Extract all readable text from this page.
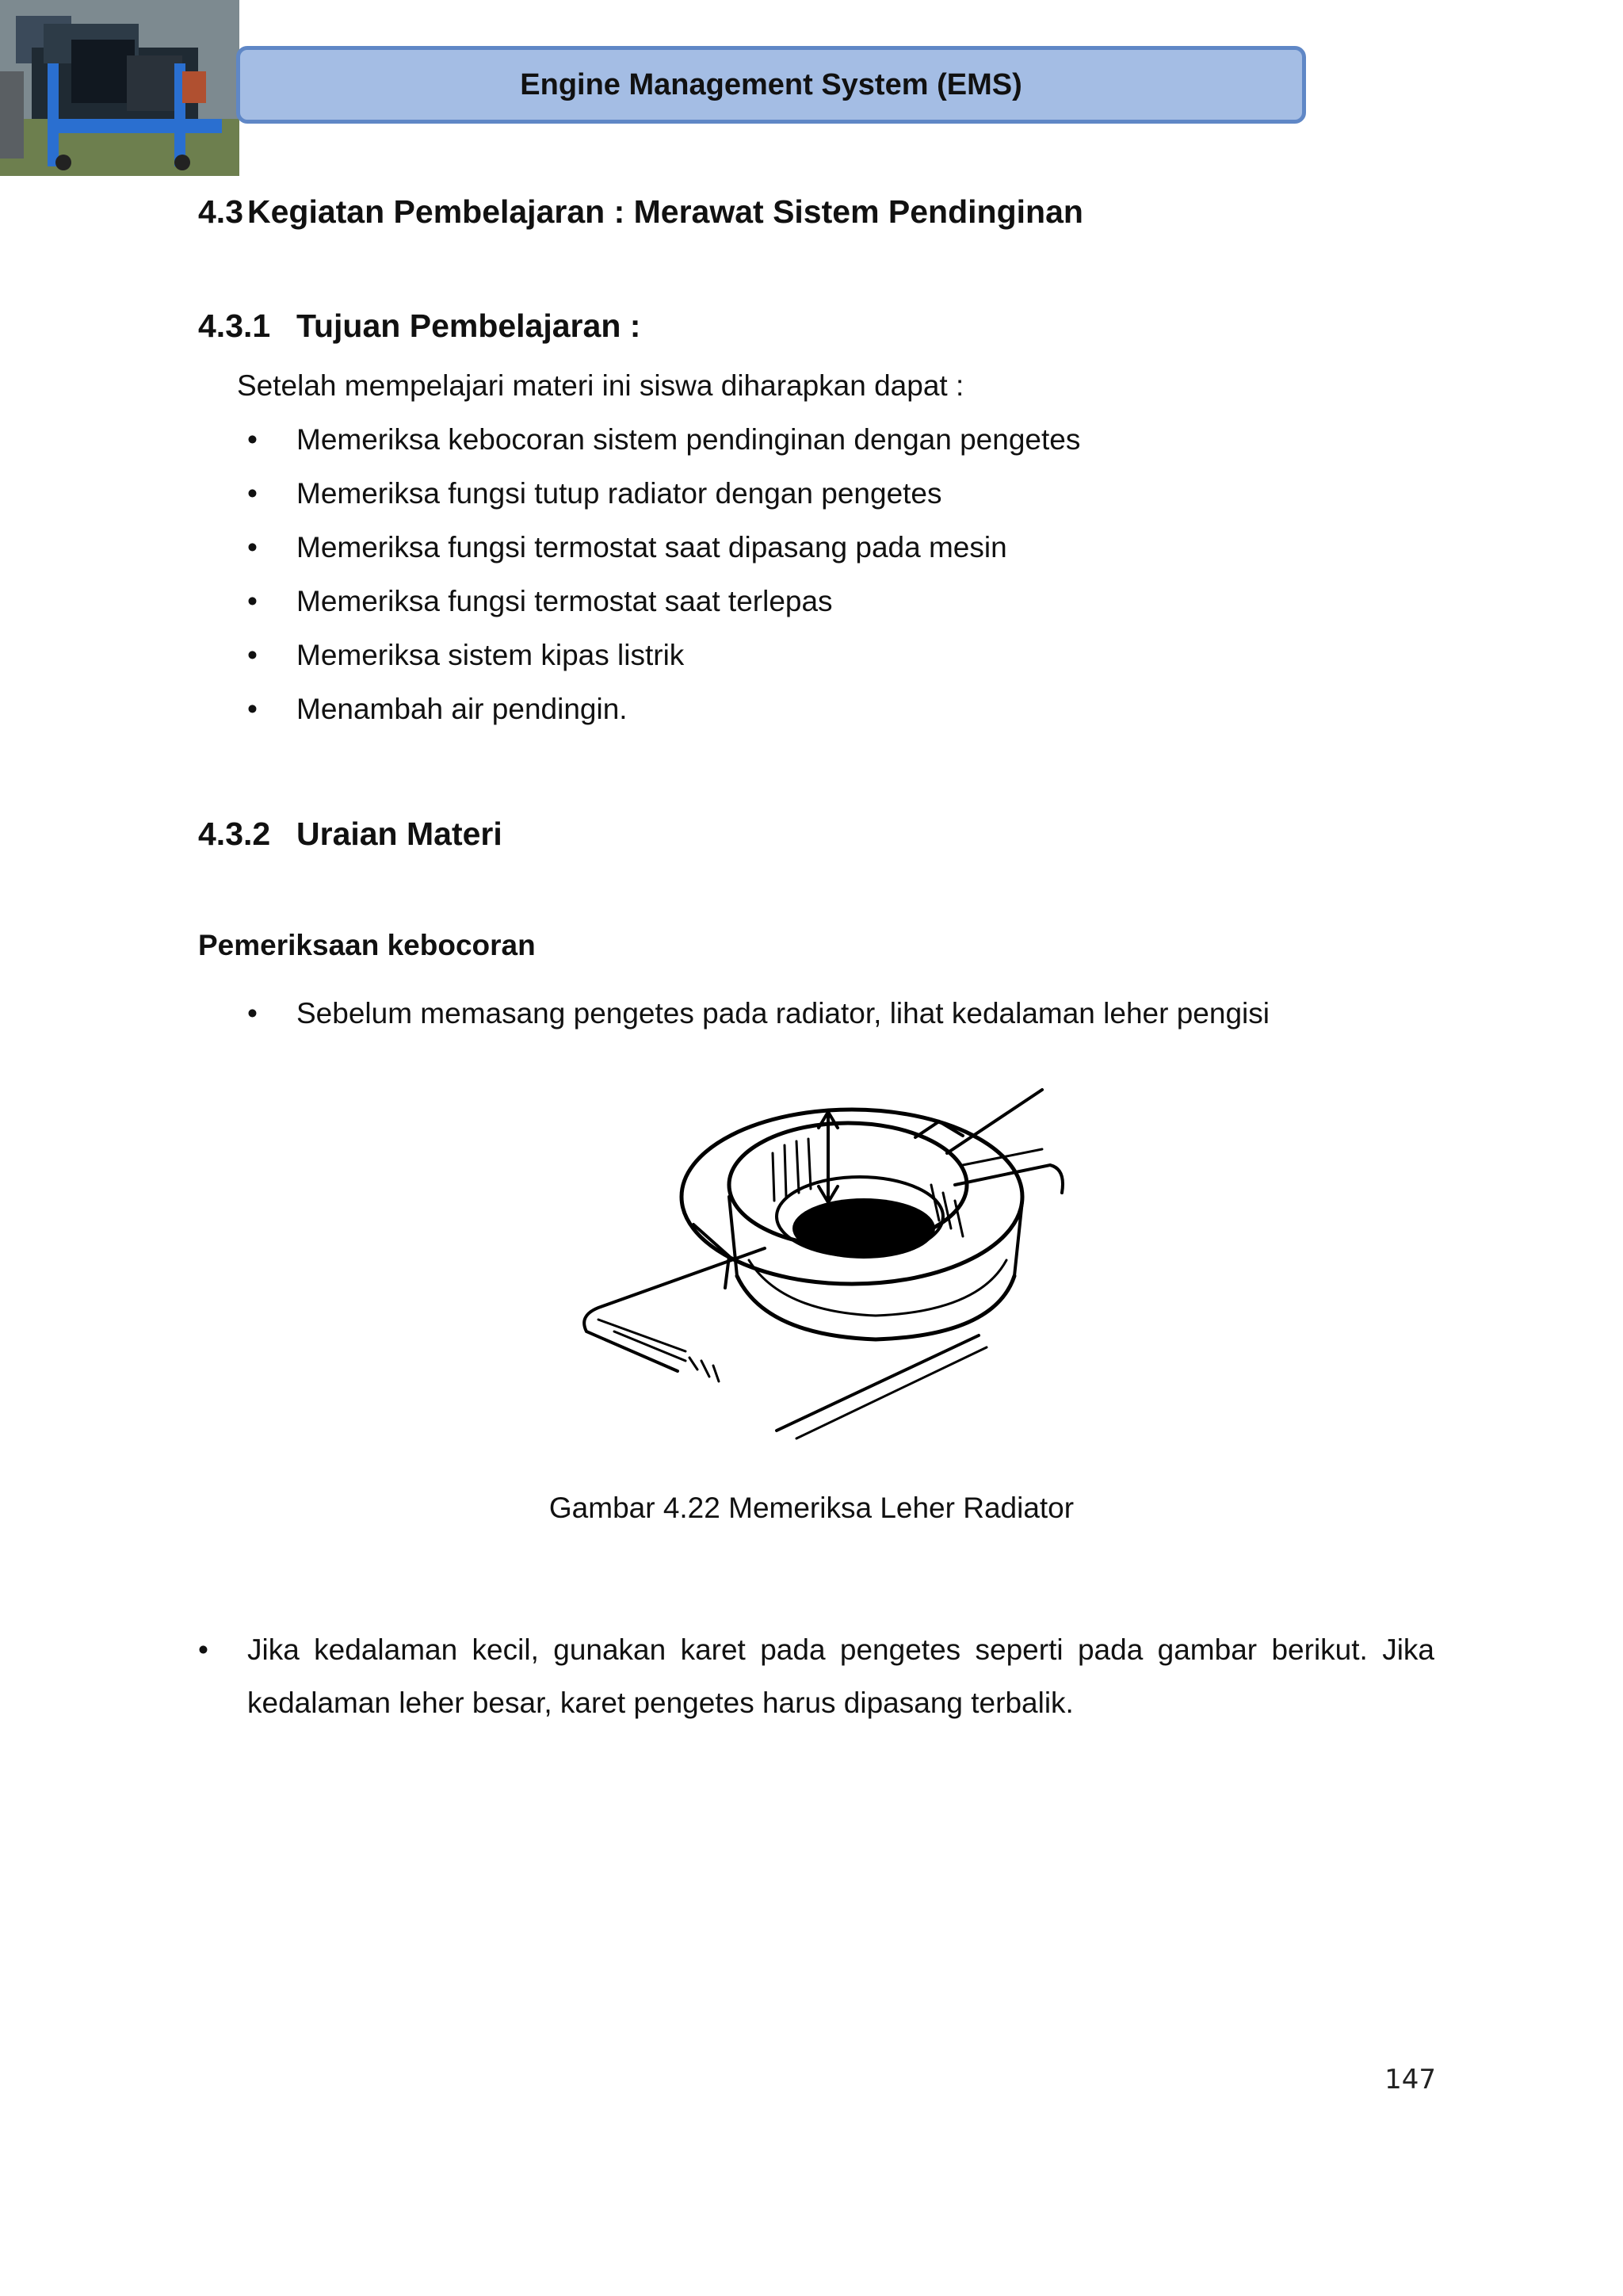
Engine Management System (EMS)
4.3 Kegiatan Pembelajaran : Merawat Sistem Pendinginan
4.3.1 Tujuan Pembelajaran :
Setelah mempelajari materi ini siswa diharapkan dapat :
• Memeriksa kebocoran sistem pendinginan dengan pengetes
• Memeriksa fungsi tutup radiator dengan pengetes
• Memeriksa fungsi termostat saat dipasang pada mesin
• Memeriksa fungsi termostat saat terlepas
• Memeriksa sistem kipas listrik
• Menambah air pendingin.
4.3.2 Uraian Materi
Pemeriksaan kebocoran
• Sebelum memasang pengetes pada radiator, lihat kedalaman leher pengisi
Gambar 4.22 Memeriksa Leher Radiator
• Jika kedalaman kecil, gunakan karet pada pengetes seperti pada gambar berikut. Jika kedalaman leher besar, karet pengetes harus dipasang terbalik.
147
